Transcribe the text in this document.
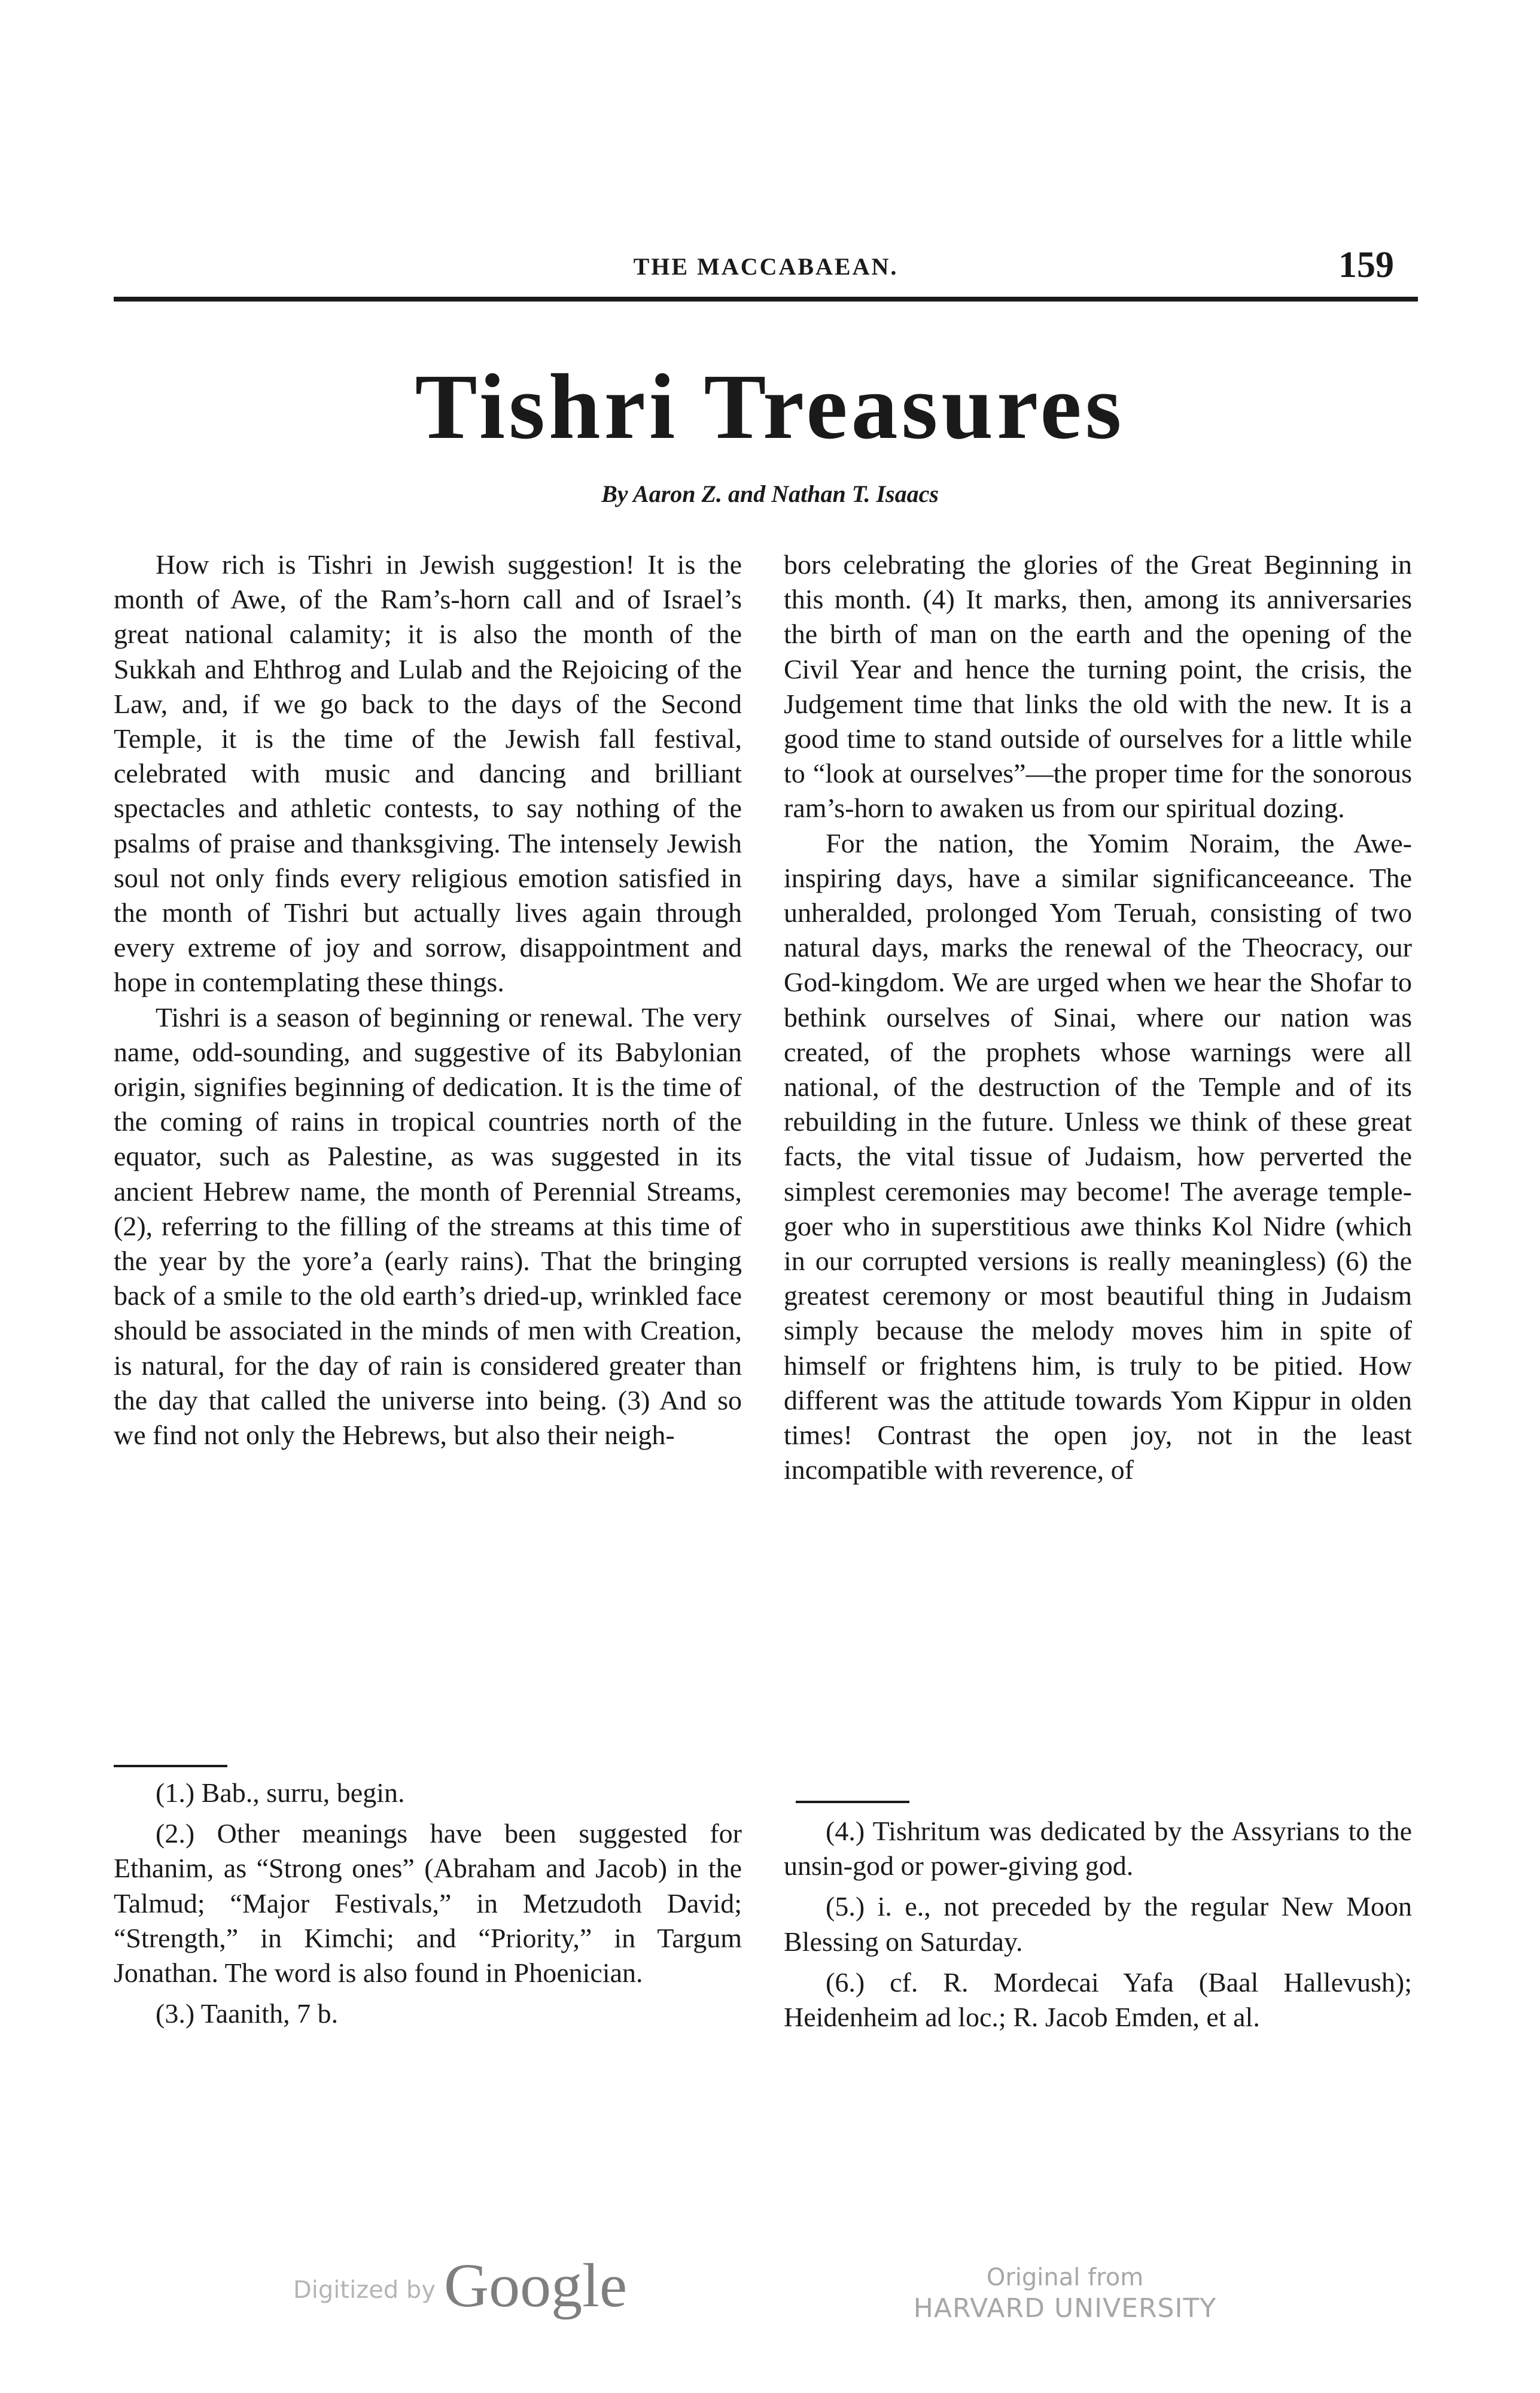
THE MACCABAEAN.	159
Tishri Treasures
By Aaron Z. and Nathan T. Isaacs

How rich is Tishri in Jewish suggestion! It is the month of Awe, of the Ram’s-horn call and of Israel’s great national calamity; it is also the month of the Sukkah and Ehthrog and Lulab and the Rejoicing of the Law, and, if we go back to the days of the Second Temple, it is the time of the Jewish fall festival, celebrated with music and dancing and brilliant spectacles and athletic contests, to say nothing of the psalms of praise and thanksgiving. The intensely Jewish soul not only finds every religious emotion satisfied in the month of Tishri but actually lives again through every extreme of joy and sorrow, disappointment and hope in contemplating these things.

Tishri is a season of beginning or renewal. The very name, odd-sounding, and suggestive of its Babylonian origin, signifies beginning of dedication. It is the time of the coming of rains in tropical countries north of the equator, such as Palestine, as was suggested in its ancient Hebrew name, the month of Perennial Streams, (2), referring to the filling of the streams at this time of the year by the yore’a (early rains). That the bringing back of a smile to the old earth’s dried-up, wrinkled face should be associated in the minds of men with Creation, is natural, for the day of rain is considered greater than the day that called the universe into being. (3) And so we find not only the Hebrews, but also their neigh-

bors celebrating the glories of the Great Beginning in this month. (4) It marks, then, among its anniversaries the birth of man on the earth and the opening of the Civil Year and hence the turning point, the crisis, the Judgement time that links the old with the new. It is a good time to stand outside of ourselves for a little while to “look at ourselves”—the proper time for the sonorous ram’s-horn to awaken us from our spiritual dozing.

For the nation, the Yomim Noraim, the Awe-inspiring days, have a similar significanceeance. The unheralded, prolonged Yom Teruah, consisting of two natural days, marks the renewal of the Theocracy, our God-kingdom. We are urged when we hear the Shofar to bethink ourselves of Sinai, where our nation was created, of the prophets whose warnings were all national, of the destruction of the Temple and of its rebuilding in the future. Unless we think of these great facts, the vital tissue of Judaism, how perverted the simplest ceremonies may become! The average temple-goer who in superstitious awe thinks Kol Nidre (which in our corrupted versions is really meaningless) (6) the greatest ceremony or most beautiful thing in Judaism simply because the melody moves him in spite of himself or frightens him, is truly to be pitied. How different was the attitude towards Yom Kippur in olden times! Contrast the open joy, not in the least incompatible with reverence, of

(1.) Bab., surru, begin.

(2.) Other meanings have been suggested for Ethanim, as “Strong ones” (Abraham and Jacob) in the Talmud; “Major Festivals,” in Metzudoth David; “Strength,” in Kimchi; and “Priority,” in Targum Jonathan. The word is also found in Phoenician.

(3.) Taanith, 7 b.

(4.) Tishritum was dedicated by the Assyrians to the unsin-god or power-giving god.

(5.) i. e., not preceded by the regular New Moon Blessing on Saturday.

(6.) cf. R. Mordecai Yafa (Baal Hallevush); Heidenheim ad loc.; R. Jacob Emden, et al.

Digitized by Google	Original from
HARVARD UNIVERSITY
